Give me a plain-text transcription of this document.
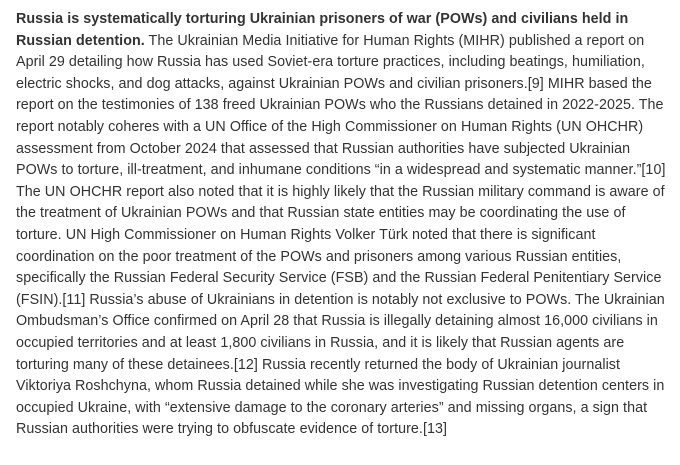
Russia is systematically torturing Ukrainian prisoners of war (POWs) and civilians held in Russian detention. The Ukrainian Media Initiative for Human Rights (MIHR) published a report on April 29 detailing how Russia has used Soviet-era torture practices, including beatings, humiliation, electric shocks, and dog attacks, against Ukrainian POWs and civilian prisoners.[9] MIHR based the report on the testimonies of 138 freed Ukrainian POWs who the Russians detained in 2022-2025. The report notably coheres with a UN Office of the High Commissioner on Human Rights (UN OHCHR) assessment from October 2024 that assessed that Russian authorities have subjected Ukrainian POWs to torture, ill-treatment, and inhumane conditions “in a widespread and systematic manner.”[10] The UN OHCHR report also noted that it is highly likely that the Russian military command is aware of the treatment of Ukrainian POWs and that Russian state entities may be coordinating the use of torture. UN High Commissioner on Human Rights Volker Türk noted that there is significant coordination on the poor treatment of the POWs and prisoners among various Russian entities, specifically the Russian Federal Security Service (FSB) and the Russian Federal Penitentiary Service (FSIN).[11] Russia’s abuse of Ukrainians in detention is notably not exclusive to POWs. The Ukrainian Ombudsman’s Office confirmed on April 28 that Russia is illegally detaining almost 16,000 civilians in occupied territories and at least 1,800 civilians in Russia, and it is likely that Russian agents are torturing many of these detainees.[12] Russia recently returned the body of Ukrainian journalist Viktoriya Roshchyna, whom Russia detained while she was investigating Russian detention centers in occupied Ukraine, with “extensive damage to the coronary arteries” and missing organs, a sign that Russian authorities were trying to obfuscate evidence of torture.[13]
